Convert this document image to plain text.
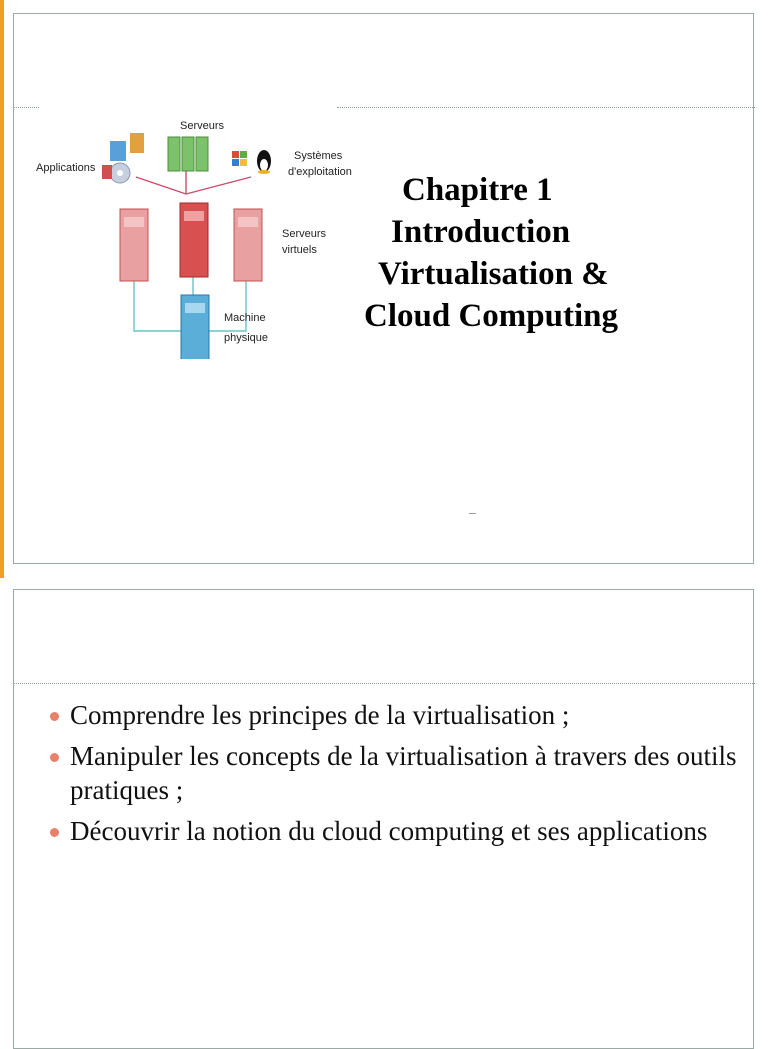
Applications
Serveurs
Systèmes
d'exploitation
Serveurs
virtuels
Machine
physique
Chapitre 1
Introduction
Virtualisation &
Cloud Computing
Comprendre les principes de la virtualisation ;
Manipuler les concepts de la virtualisation à travers des outils pratiques ;
Découvrir la notion du cloud computing et ses applications
